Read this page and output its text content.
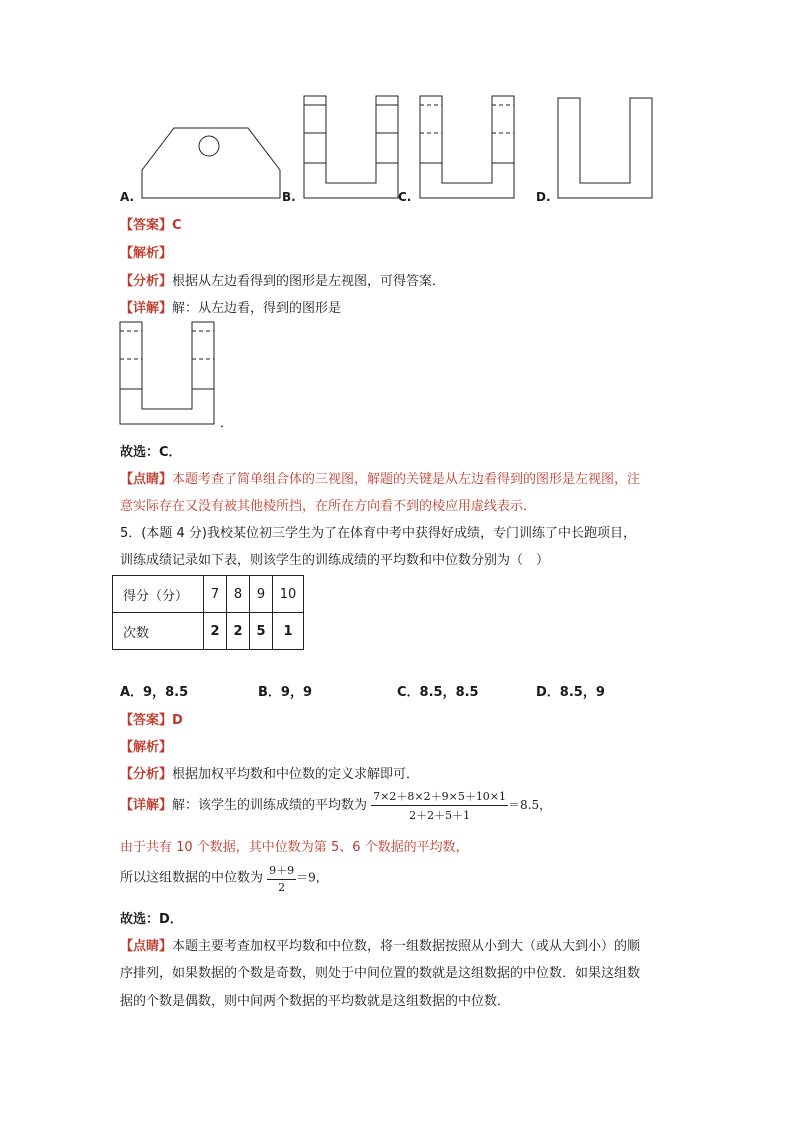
A.	B.	C.	D.
【答案】C
【解析】
【分析】根据从左边看得到的图形是左视图，可得答案．
【详解】解：从左边看，得到的图形是
．
故选：C．
【点睛】本题考查了简单组合体的三视图，解题的关键是从左边看得到的图形是左视图，注
意实际存在又没有被其他棱所挡，在所在方向看不到的棱应用虚线表示．
5．(本题 4 分)我校某位初三学生为了在体育中考中获得好成绩，专门训练了中长跑项目，
训练成绩记录如下表，则该学生的训练成绩的平均数和中位数分别为（　）
得分（分）	7	8	9	10
次数	2	2	5	1
A．9，8.5	B．9，9	C．8.5，8.5	D．8.5，9
【答案】D
【解析】
【分析】根据加权平均数和中位数的定义求解即可．
【详解】解：该学生的训练成绩的平均数为 $\frac{7\times 2+8\times 2+9\times 5+10\times 1}{2+2+5+1} =8.5$，
由于共有 10 个数据，其中位数为第 5、6 个数据的平均数，
所以这组数据的中位数为 $\frac{9+9}{2} =9$，
故选：D．
【点睛】本题主要考查加权平均数和中位数，将一组数据按照从小到大（或从大到小）的顺
序排列，如果数据的个数是奇数，则处于中间位置的数就是这组数据的中位数．如果这组数
据的个数是偶数，则中间两个数据的平均数就是这组数据的中位数．
